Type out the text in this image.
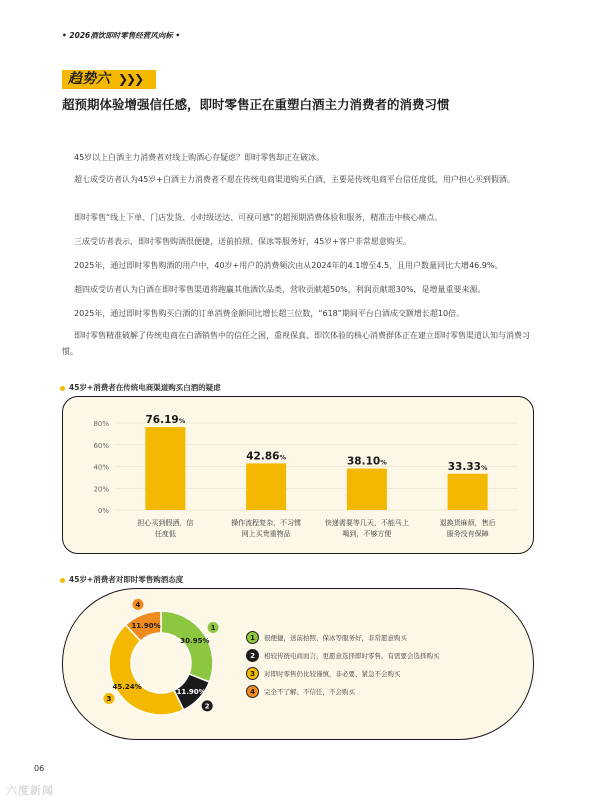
• 2026酒饮即时零售经营风向标 •
趋势六 ❯❯❯
超预期体验增强信任感，即时零售正在重塑白酒主力消费者的消费习惯
45岁以上白酒主力消费者对线上购酒心存疑虑？即时零售却正在破冰。
超七成受访者认为45岁+白酒主力消费者不愿在传统电商渠道购买白酒，主要是传统电商平台信任度低，用户担心买到假酒。
即时零售“线上下单、门店发货、小时级送达、可视可感”的超预期消费体验和服务，精准击中核心痛点。
三成受访者表示，即时零售购酒很便捷，送前拍照、保冰等服务好，45岁+客户非常愿意购买。
2025年，通过即时零售购酒的用户中，40岁+用户的消费频次由从2024年的4.1增至4.5，且用户数量同比大增46.9%。
超四成受访者认为白酒在即时零售渠道将跑赢其他酒饮品类，营收贡献超50%，利润贡献超30%，是增量重要来源。
2025年，通过即时零售购买白酒的订单消费金额同比增长超三位数，“618”期间平台白酒成交额增长超10倍。
即时零售精准破解了传统电商在白酒销售中的信任之困，重视保真、即饮体验的核心消费群体正在建立即时零售渠道认知与消费习惯。
45岁+消费者在传统电商渠道购买白酒的疑虑
80%
60%
40%
20%
0%
76.19%
担心买到假酒，信
任度低
42.86%
操作流程复杂，不习惯
网上买贵重物品
38.10%
快递需要等几天，不能马上
喝到，不够方便
33.33%
退换货麻烦，售后
服务没有保障
45岁+消费者对即时零售购酒态度
30.95%
1
11.90%
2
45.24%
3
11.90%
4
1	很便捷，送前拍照、保冰等服务好，非常愿意购买
2	相较传统电商而言，更愿意选择即时零售，有需要会选择购买
3	对即时零售仍比较谨慎，非必要、紧急不会购买
4	完全不了解、不信任，不会购买
06
六度新闻
